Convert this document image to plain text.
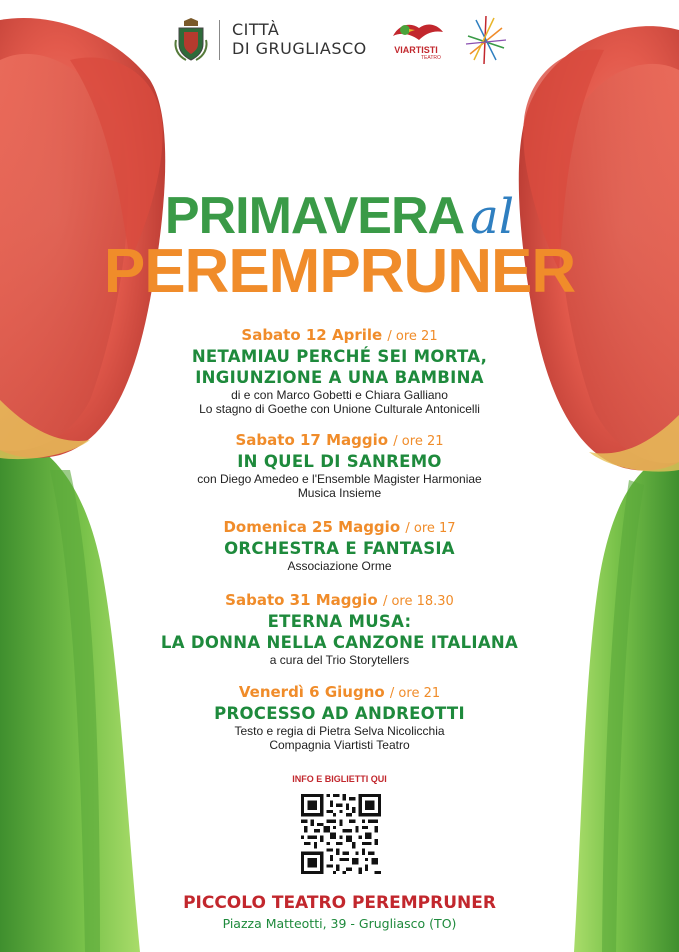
CITTÀ
DI GRUGLIASCO	VIARTISTI
TEATRO
PRIMAVERA al
PEREMPRUNER
Sabato 12 Aprile / ore 21
NETAMIAU PERCHÉ SEI MORTA,
INGIUNZIONE A UNA BAMBINA
di e con Marco Gobetti e Chiara Galliano
Lo stagno di Goethe con Unione Culturale Antonicelli
Sabato 17 Maggio / ore 21
IN QUEL DI SANREMO
con Diego Amedeo e l'Ensemble Magister Harmoniae
Musica Insieme
Domenica 25 Maggio / ore 17
ORCHESTRA E FANTASIA
Associazione Orme
Sabato 31 Maggio / ore 18.30
ETERNA MUSA:
LA DONNA NELLA CANZONE ITALIANA
a cura del Trio Storytellers
Venerdì 6 Giugno / ore 21
PROCESSO AD ANDREOTTI
Testo e regia di Pietra Selva Nicolicchia
Compagnia Viartisti Teatro
INFO E BIGLIETTI QUI
PICCOLO TEATRO PEREMPRUNER
Piazza Matteotti, 39 - Grugliasco (TO)
